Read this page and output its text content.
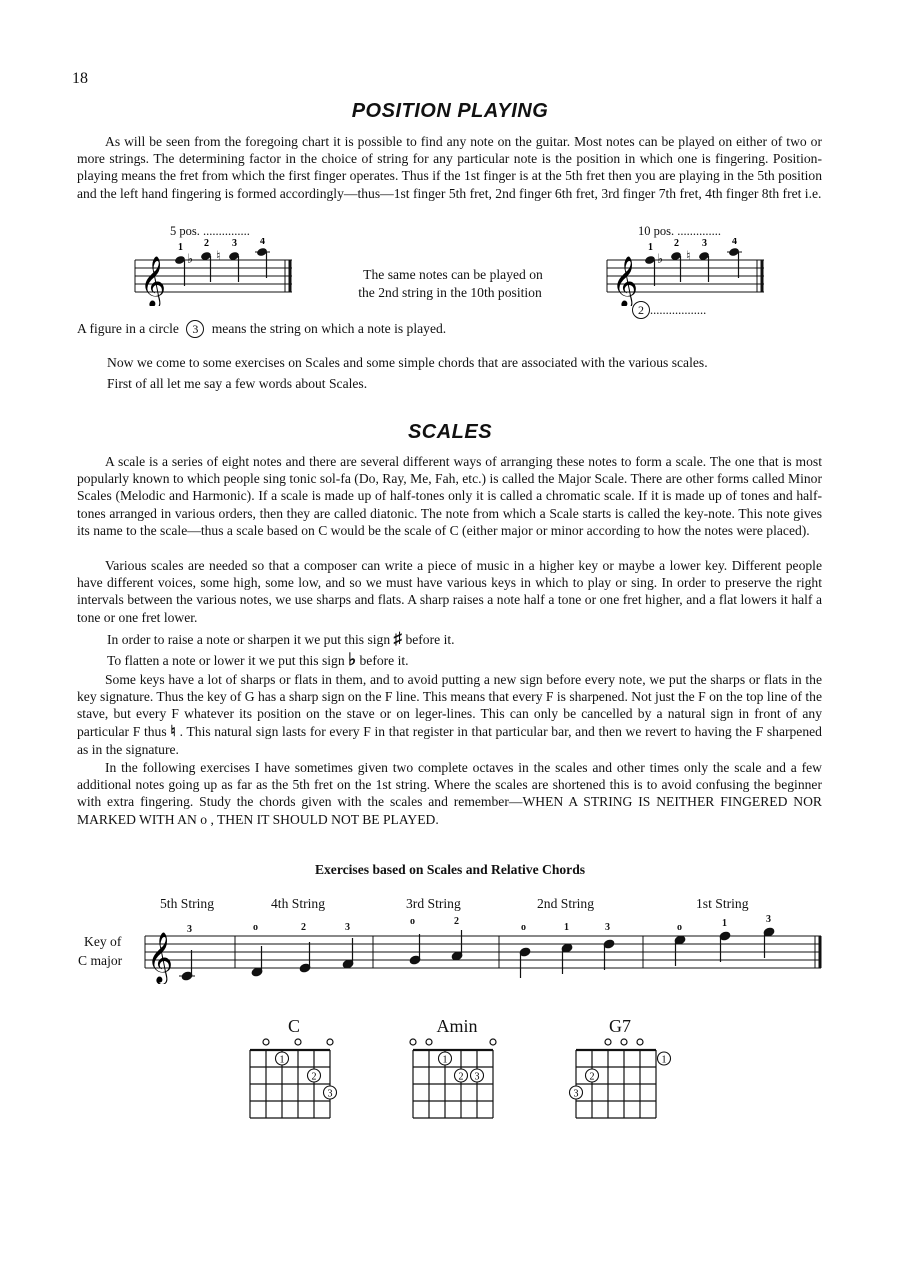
18
POSITION PLAYING
As will be seen from the foregoing chart it is possible to find any note on the guitar. Most notes can be played on either of two or more strings. The determining factor in the choice of string for any particular note is the position in which one is fingering. Position-playing means the fret from which the first finger operates. Thus if the 1st finger is at the 5th fret then you are playing in the 5th position and the left hand fingering is formed accordingly—thus—1st finger 5th fret, 2nd finger 6th fret, 3rd finger 7th fret, 4th finger 8th fret i.e.
5 pos. ...............
𝄞 ♭ ♮
1 2 3 4
The same notes can be played on
the 2nd string in the 10th position
10 pos. ..............
𝄞 ♭ ♮
1 2 3	4
2 ..................
A figure in a circle 3 means the string on which a note is played.
Now we come to some exercises on Scales and some simple chords that are associated with the various scales.
First of all let me say a few words about Scales.
SCALES
A scale is a series of eight notes and there are several different ways of arranging these notes to form a scale. The one that is most popularly known to which people sing tonic sol-fa (Do, Ray, Me, Fah, etc.) is called the Major Scale. There are other forms called Minor Scales (Melodic and Harmonic). If a scale is made up of half-tones only it is called a chromatic scale. If it is made up of tones and half-tones arranged in various orders, then they are called diatonic. The note from which a Scale starts is called the key-note. This note gives its name to the scale—thus a scale based on C would be the scale of C (either major or minor according to how the notes were placed).
Various scales are needed so that a composer can write a piece of music in a higher key or maybe a lower key. Different people have different voices, some high, some low, and so we must have various keys in which to play or sing. In order to preserve the right intervals between the various notes, we use sharps and flats. A sharp raises a note half a tone or one fret higher, and a flat lowers it half a tone or one fret lower.
In order to raise a note or sharpen it we put this sign ♯ before it.
To flatten a note or lower it we put this sign ♭ before it.
Some keys have a lot of sharps or flats in them, and to avoid putting a new sign before every note, we put the sharps or flats in the key signature. Thus the key of G has a sharp sign on the F line. This means that every F is sharpened. Not just the F on the top line of the stave, but every F whatever its position on the stave or on leger-lines. This can only be cancelled by a natural sign in front of any particular F thus ♮ . This natural sign lasts for every F in that register in that particular bar, and then we revert to having the F sharpened as in the signature.
In the following exercises I have sometimes given two complete octaves in the scales and other times only the scale and a few additional notes going up as far as the 5th fret on the 1st string. Where the scales are shortened this is to avoid confusing the beginner with extra fingering. Study the chords given with the scales and remember—WHEN A STRING IS NEITHER FINGERED NOR MARKED WITH AN o , THEN IT SHOULD NOT BE PLAYED.
Exercises based on Scales and Relative Chords
5th String	4th String	3rd String	2nd String	1st String
Key of
C major 𝄞
3	o	2	3
o	2
o	1	3	o	1	3
C	Amin	G7
1
2
3
1
2 3
1
2
3
